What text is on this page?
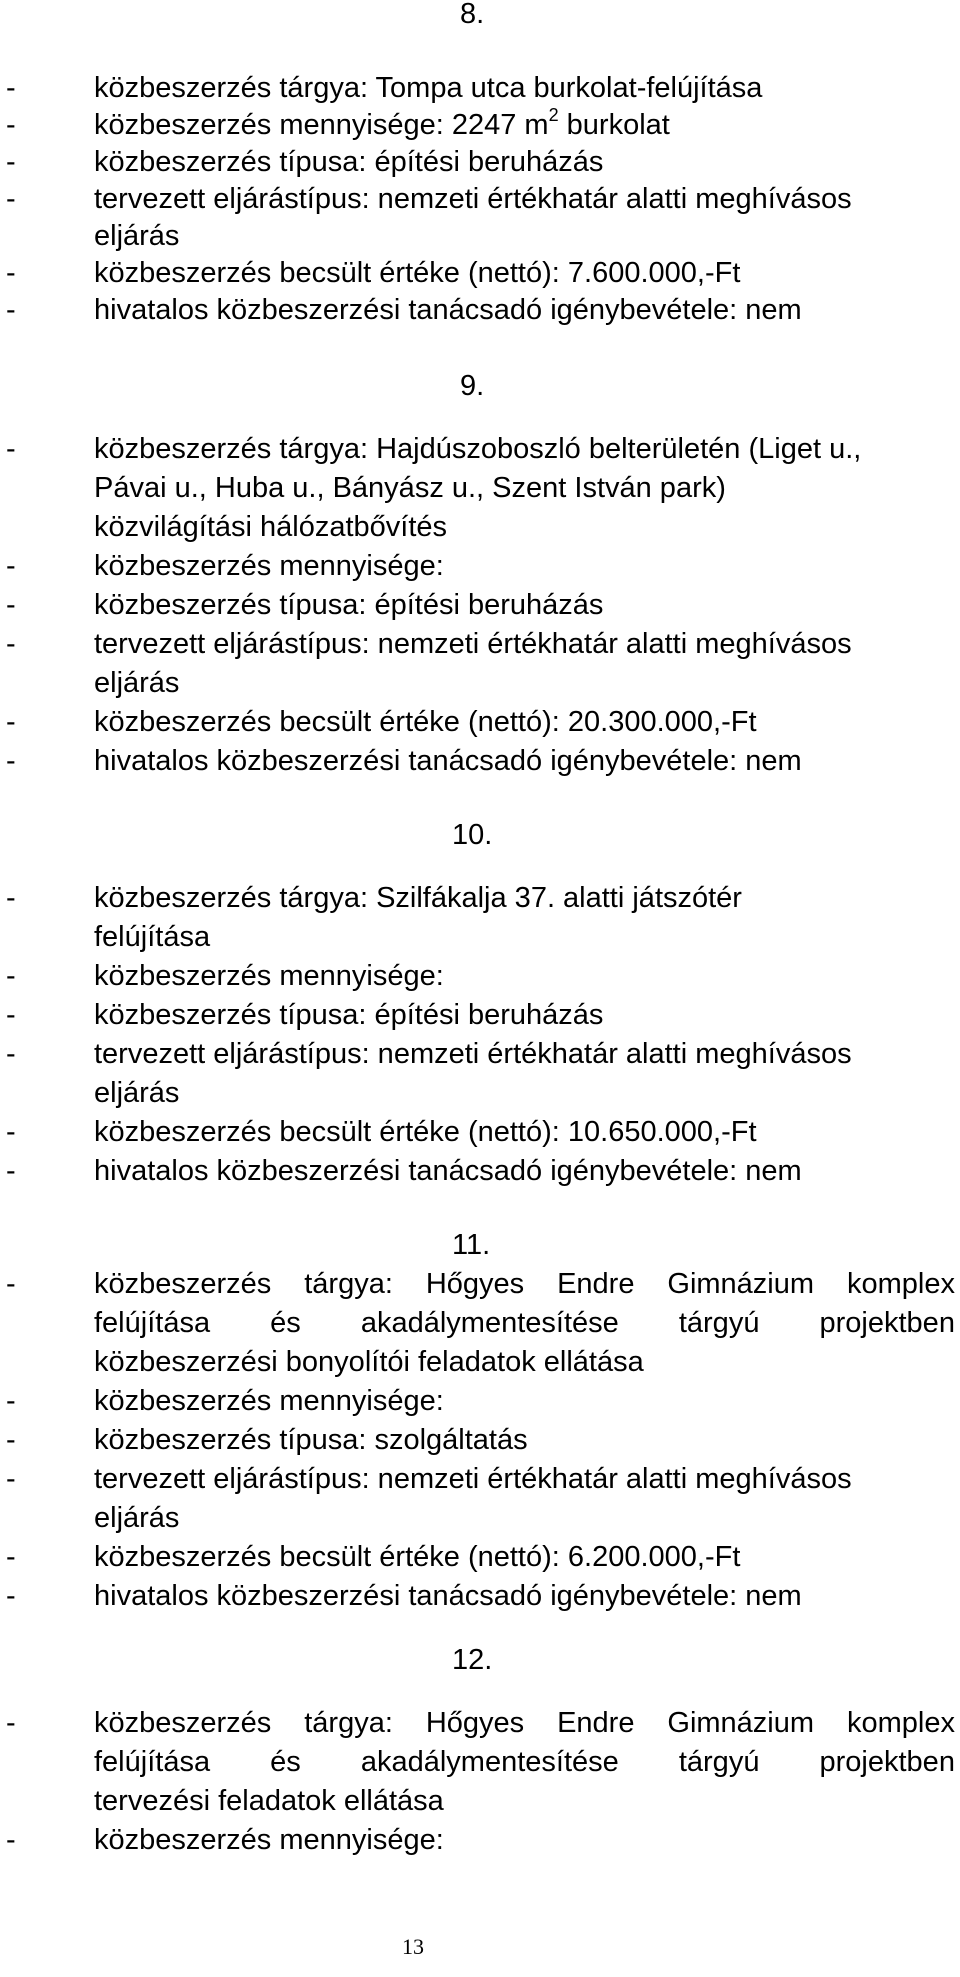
8.
-	közbeszerzés tárgya: Tompa utca burkolat-felújítása
-	közbeszerzés mennyisége: 2247 $m^2$ burkolat
-	közbeszerzés típusa: építési beruházás
-	tervezett eljárástípus: nemzeti értékhatár alatti meghívásos
eljárás
-	közbeszerzés becsült értéke (nettó): 7.600.000,-Ft
-	hivatalos közbeszerzési tanácsadó igénybevétele: nem
9.
-	közbeszerzés tárgya: Hajdúszoboszló belterületén (Liget u.,
Pávai u., Huba u., Bányász u., Szent István park)
közvilágítási hálózatbővítés
-	közbeszerzés mennyisége:
-	közbeszerzés típusa: építési beruházás
-	tervezett eljárástípus: nemzeti értékhatár alatti meghívásos
eljárás
-	közbeszerzés becsült értéke (nettó): 20.300.000,-Ft
-	hivatalos közbeszerzési tanácsadó igénybevétele: nem
10.
-	közbeszerzés tárgya: Szilfákalja 37. alatti játszótér
felújítása
-	közbeszerzés mennyisége:
-	közbeszerzés típusa: építési beruházás
-	tervezett eljárástípus: nemzeti értékhatár alatti meghívásos
eljárás
-	közbeszerzés becsült értéke (nettó): 10.650.000,-Ft
-	hivatalos közbeszerzési tanácsadó igénybevétele: nem
11.
-	közbeszerzés tárgya: Hőgyes Endre Gimnázium komplex
felújítása és akadálymentesítése tárgyú projektben
közbeszerzési bonyolítói feladatok ellátása
-	közbeszerzés mennyisége:
-	közbeszerzés típusa: szolgáltatás
-	tervezett eljárástípus: nemzeti értékhatár alatti meghívásos
eljárás
-	közbeszerzés becsült értéke (nettó): 6.200.000,-Ft
-	hivatalos közbeszerzési tanácsadó igénybevétele: nem
12.
-	közbeszerzés tárgya: Hőgyes Endre Gimnázium komplex
felújítása és akadálymentesítése tárgyú projektben
tervezési feladatok ellátása
-	közbeszerzés mennyisége:
13
